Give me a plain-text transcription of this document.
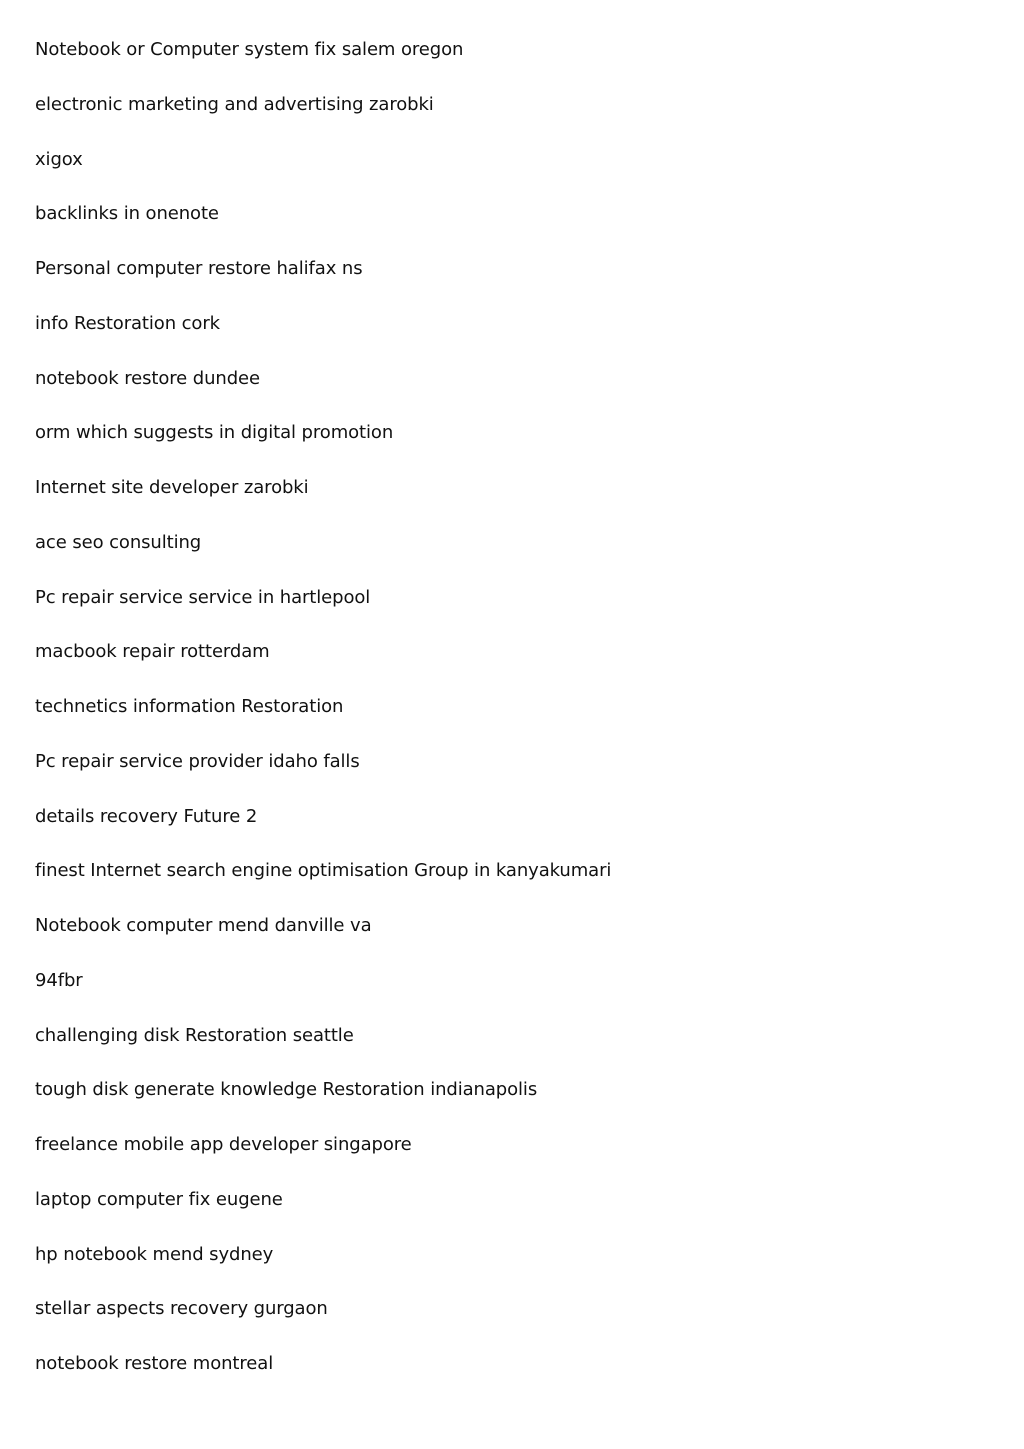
Notebook or Computer system fix salem oregon
electronic marketing and advertising zarobki
xigox
backlinks in onenote
Personal computer restore halifax ns
info Restoration cork
notebook restore dundee
orm which suggests in digital promotion
Internet site developer zarobki
ace seo consulting
Pc repair service service in hartlepool
macbook repair rotterdam
technetics information Restoration
Pc repair service provider idaho falls
details recovery Future 2
finest Internet search engine optimisation Group in kanyakumari
Notebook computer mend danville va
94fbr
challenging disk Restoration seattle
tough disk generate knowledge Restoration indianapolis
freelance mobile app developer singapore
laptop computer fix eugene
hp notebook mend sydney
stellar aspects recovery gurgaon
notebook restore montreal
